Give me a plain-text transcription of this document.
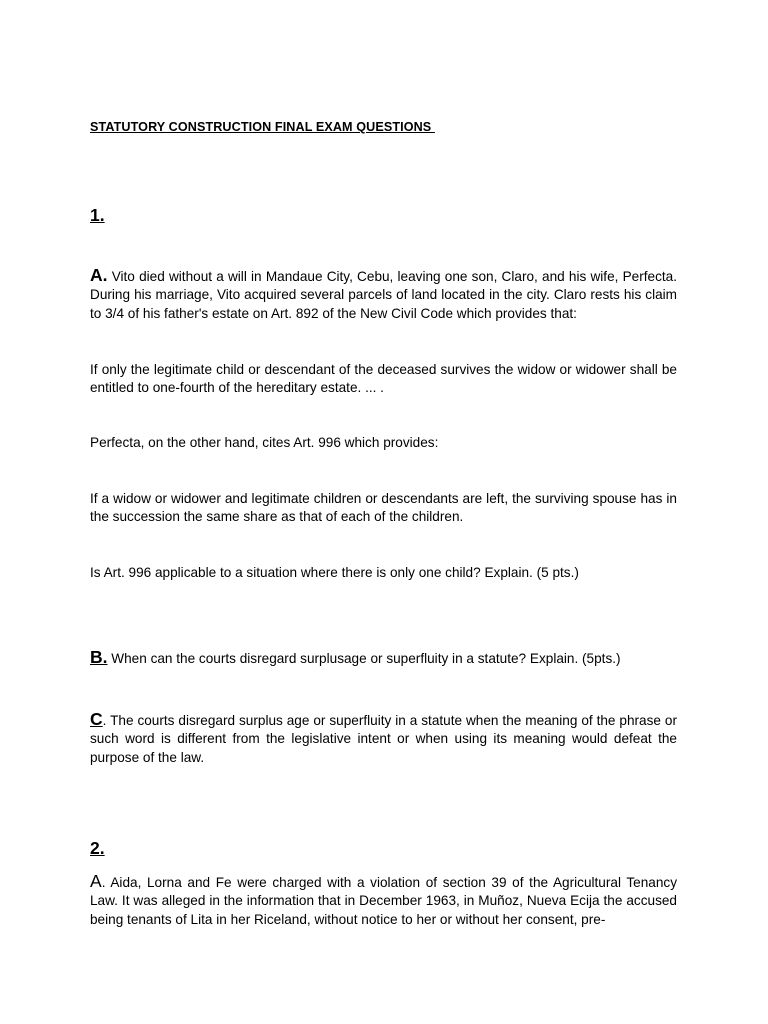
STATUTORY CONSTRUCTION FINAL EXAM QUESTIONS
1.

A. Vito died without a will in Mandaue City, Cebu, leaving one son, Claro, and his wife, Perfecta. During his marriage, Vito acquired several parcels of land located in the city. Claro rests his claim to 3/4 of his father's estate on Art. 892 of the New Civil Code which provides that:

If only the legitimate child or descendant of the deceased survives the widow or widower shall be entitled to one-fourth of the hereditary estate. ... .

Perfecta, on the other hand, cites Art. 996 which provides:

If a widow or widower and legitimate children or descendants are left, the surviving spouse has in the succession the same share as that of each of the children.

Is Art. 996 applicable to a situation where there is only one child? Explain. (5 pts.)

B. When can the courts disregard surplusage or superfluity in a statute? Explain. (5pts.)

C. The courts disregard surplus age or superfluity in a statute when the meaning of the phrase or such word is different from the legislative intent or when using its meaning would defeat the purpose of the law.

2.

A. Aida, Lorna and Fe were charged with a violation of section 39 of the Agricultural Tenancy Law. It was alleged in the information that in December 1963, in Muñoz, Nueva Ecija the accused being tenants of Lita in her Riceland, without notice to her or without her consent, pre-
